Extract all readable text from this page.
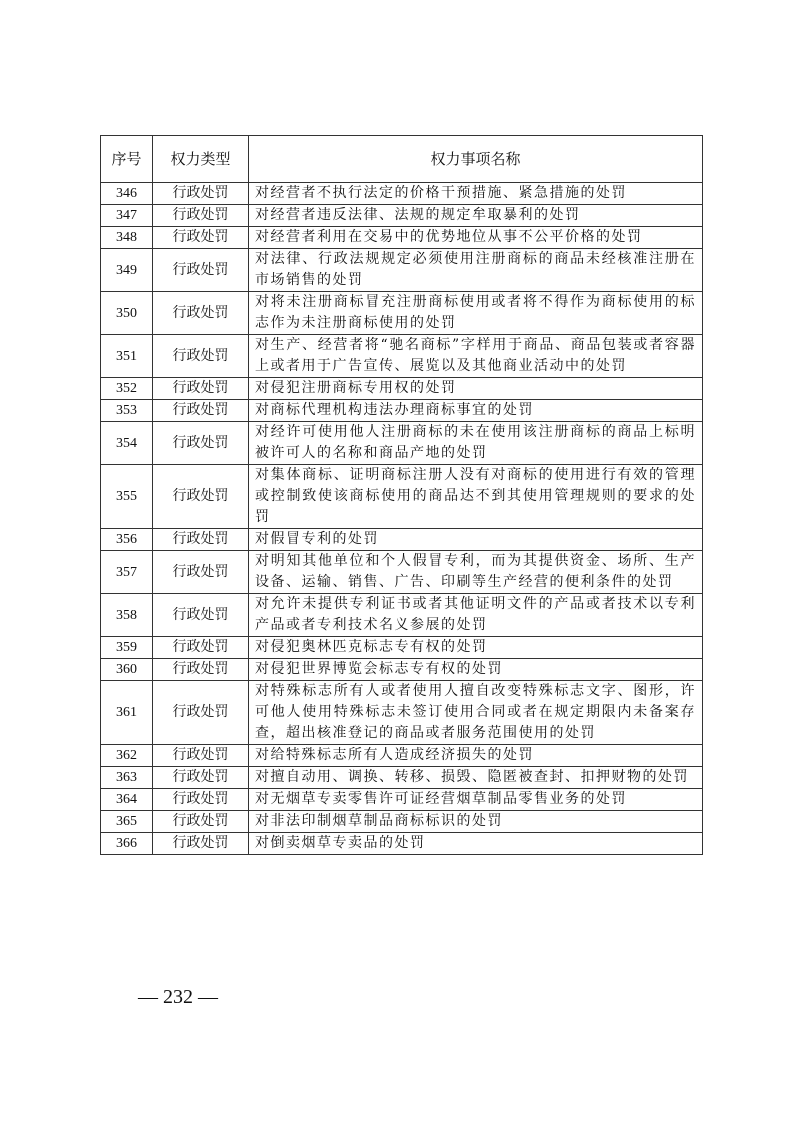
序号	权力类型	权力事项名称
346	行政处罚	对经营者不执行法定的价格干预措施、紧急措施的处罚
347	行政处罚	对经营者违反法律、法规的规定牟取暴利的处罚
348	行政处罚	对经营者利用在交易中的优势地位从事不公平价格的处罚
349	行政处罚	对法律、行政法规规定必须使用注册商标的商品未经核准注册在市场销售的处罚
350	行政处罚	对将未注册商标冒充注册商标使用或者将不得作为商标使用的标志作为未注册商标使用的处罚
351	行政处罚	对生产、经营者将“驰名商标”字样用于商品、商品包装或者容器上或者用于广告宣传、展览以及其他商业活动中的处罚
352	行政处罚	对侵犯注册商标专用权的处罚
353	行政处罚	对商标代理机构违法办理商标事宜的处罚
354	行政处罚	对经许可使用他人注册商标的未在使用该注册商标的商品上标明被许可人的名称和商品产地的处罚
355	行政处罚	对集体商标、证明商标注册人没有对商标的使用进行有效的管理或控制致使该商标使用的商品达不到其使用管理规则的要求的处罚
356	行政处罚	对假冒专利的处罚
357	行政处罚	对明知其他单位和个人假冒专利，而为其提供资金、场所、生产设备、运输、销售、广告、印刷等生产经营的便利条件的处罚
358	行政处罚	对允许未提供专利证书或者其他证明文件的产品或者技术以专利产品或者专利技术名义参展的处罚
359	行政处罚	对侵犯奥林匹克标志专有权的处罚
360	行政处罚	对侵犯世界博览会标志专有权的处罚
361	行政处罚	对特殊标志所有人或者使用人擅自改变特殊标志文字、图形，许可他人使用特殊标志未签订使用合同或者在规定期限内未备案存查，超出核准登记的商品或者服务范围使用的处罚
362	行政处罚	对给特殊标志所有人造成经济损失的处罚
363	行政处罚	对擅自动用、调换、转移、损毁、隐匿被查封、扣押财物的处罚
364	行政处罚	对无烟草专卖零售许可证经营烟草制品零售业务的处罚
365	行政处罚	对非法印制烟草制品商标标识的处罚
366	行政处罚	对倒卖烟草专卖品的处罚
— 232 —
